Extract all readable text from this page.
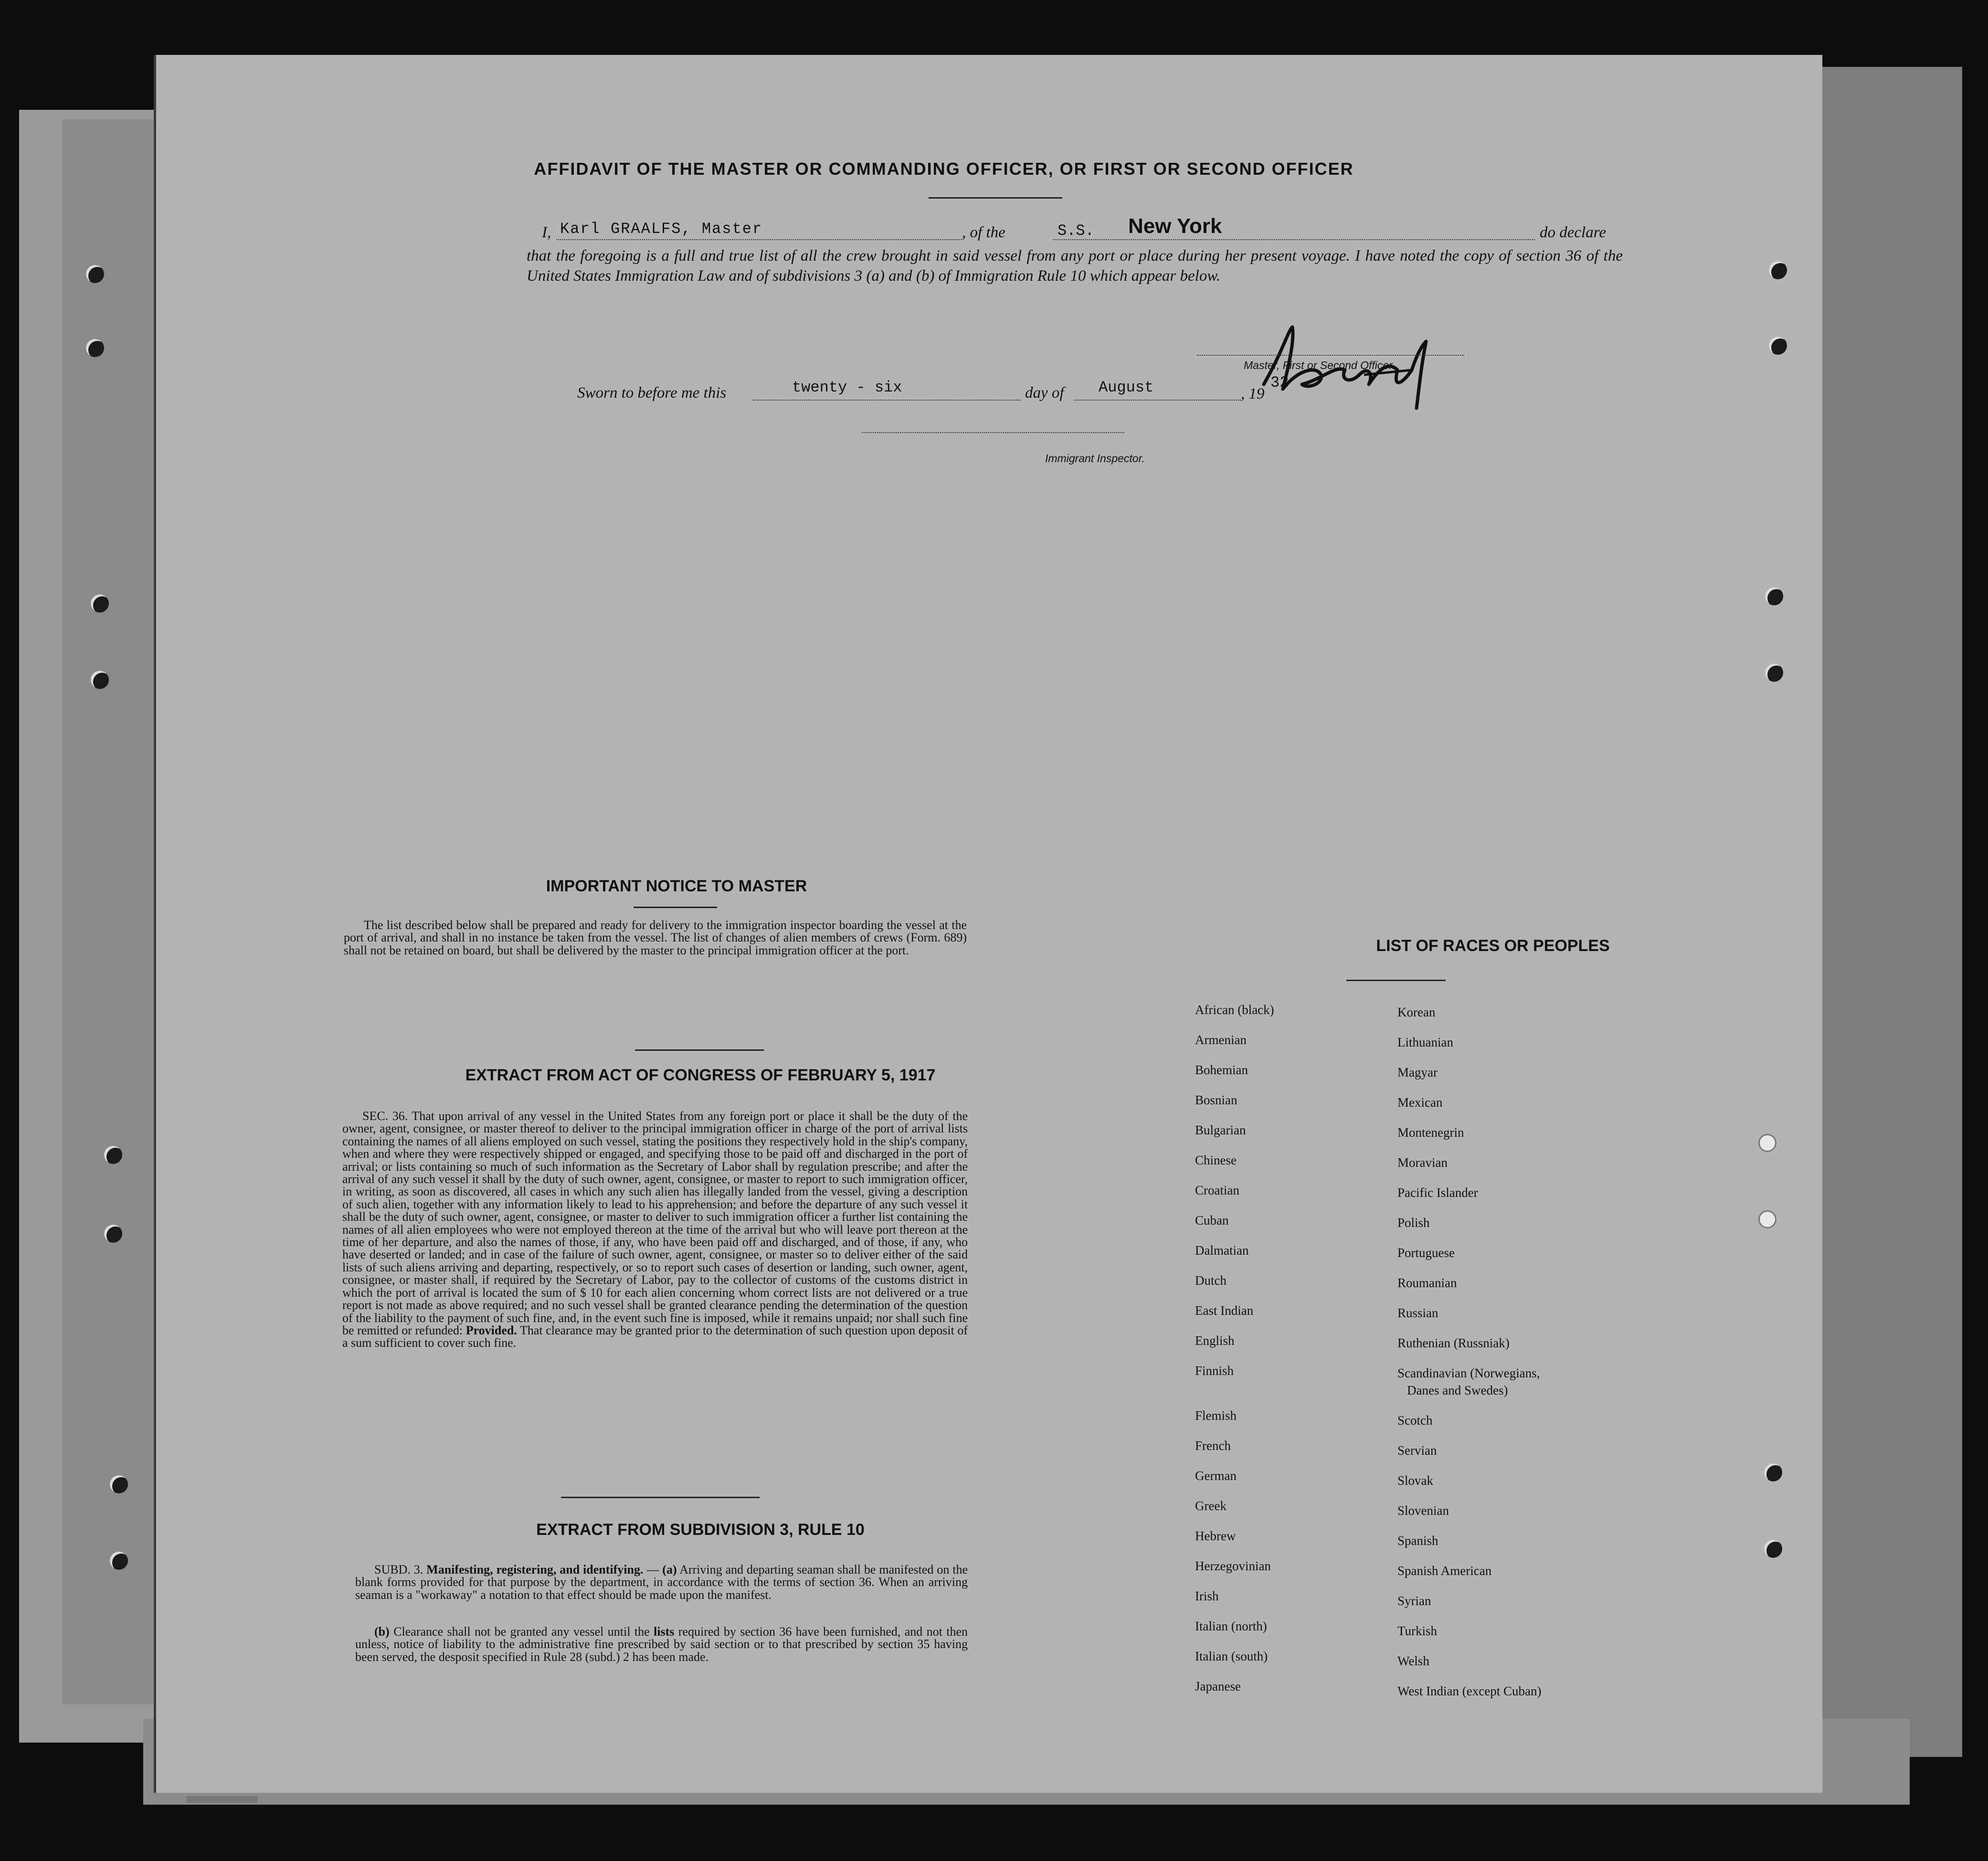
AFFIDAVIT OF THE MASTER OR COMMANDING OFFICER, OR FIRST OR SECOND OFFICER
I, Karl GRAALFS, Master	, of the	S.S. New York	do declare
that the foregoing is a full and true list of all the crew brought in said vessel from any port or place during her present voyage. I have noted the copy of section 36 of the United States Immigration Law and of subdivisions 3 (a) and (b) of Immigration Rule 10 which appear below.
Master, First or Second Officer.
Sworn to before me this	twenty - six	day of August	, 19
32
Immigrant Inspector.
IMPORTANT NOTICE TO MASTER
The list described below shall be prepared and ready for delivery to the immigration inspector boarding the vessel at the port of arrival, and shall in no instance be taken from the vessel. The list of changes of alien members of crews (Form. 689) shall not be retained on board, but shall be delivered by the master to the principal immigration officer at the port.
EXTRACT FROM ACT OF CONGRESS OF FEBRUARY 5, 1917
SEC. 36. That upon arrival of any vessel in the United States from any foreign port or place it shall be the duty of the owner, agent, consignee, or master thereof to deliver to the principal immigration officer in charge of the port of arrival lists containing the names of all aliens employed on such vessel, stating the positions they respectively hold in the ship's company, when and where they were respectively shipped or engaged, and specifying those to be paid off and discharged in the port of arrival; or lists containing so much of such information as the Secretary of Labor shall by regulation prescribe; and after the arrival of any such vessel it shall by the duty of such owner, agent, consignee, or master to report to such immigration officer, in writing, as soon as discovered, all cases in which any such alien has illegally landed from the vessel, giving a description of such alien, together with any information likely to lead to his apprehension; and before the departure of any such vessel it shall be the duty of such owner, agent, consignee, or master to deliver to such immigration officer a further list containing the names of all alien employees who were not employed thereon at the time of the arrival but who will leave port thereon at the time of her departure, and also the names of those, if any, who have been paid off and discharged, and of those, if any, who have deserted or landed; and in case of the failure of such owner, agent, consignee, or master so to deliver either of the said lists of such aliens arriving and departing, respectively, or so to report such cases of desertion or landing, such owner, agent, consignee, or master shall, if required by the Secretary of Labor, pay to the collector of customs of the customs district in which the port of arrival is located the sum of $ 10 for each alien concerning whom correct lists are not delivered or a true report is not made as above required; and no such vessel shall be granted clearance pending the determination of the question of the liability to the payment of such fine, and, in the event such fine is imposed, while it remains unpaid; nor shall such fine be remitted or refunded: Provided. That clearance may be granted prior to the determination of such question upon deposit of a sum sufficient to cover such fine.
EXTRACT FROM SUBDIVISION 3, RULE 10
SUBD. 3. Manifesting, registering, and identifying. — (a) Arriving and departing seaman shall be manifested on the blank forms provided for that purpose by the department, in accordance with the terms of section 36. When an arriving seaman is a "workaway" a notation to that effect should be made upon the manifest.
(b) Clearance shall not be granted any vessel until the lists required by section 36 have been furnished, and not then unless, notice of liability to the administrative fine prescribed by said section or to that prescribed by section 35 having been served, the desposit specified in Rule 28 (subd.) 2 has been made.
LIST OF RACES OR PEOPLES
African (black)
Armenian
Bohemian
Bosnian
Bulgarian
Chinese
Croatian
Cuban
Dalmatian
Dutch
East Indian
English
Finnish
Flemish
French
German
Greek
Hebrew
Herzegovinian
Irish
Italian (north)
Italian (south)
Japanese
Korean
Lithuanian
Magyar
Mexican
Montenegrin
Moravian
Pacific Islander
Polish
Portuguese
Roumanian
Russian
Ruthenian (Russniak)
Scandinavian (Norwegians,
Danes and Swedes)
Scotch
Servian
Slovak
Slovenian
Spanish
Spanish American
Syrian
Turkish
Welsh
West Indian (except Cuban)
